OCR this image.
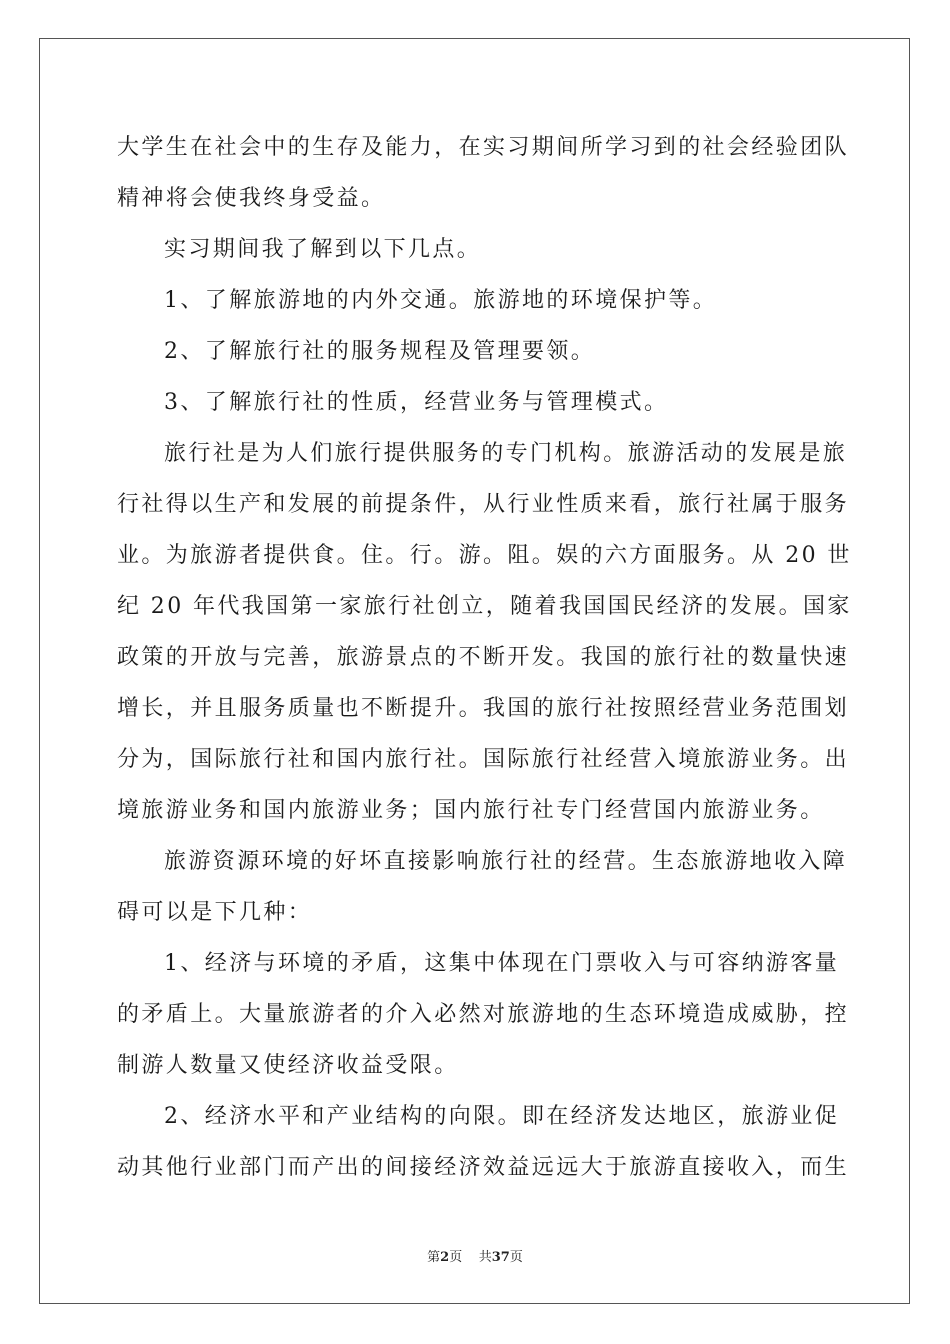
大学生在社会中的生存及能力，在实习期间所学习到的社会经验团队
精神将会使我终身受益。
实习期间我了解到以下几点。
1、了解旅游地的内外交通。旅游地的环境保护等。
2、了解旅行社的服务规程及管理要领。
3、了解旅行社的性质，经营业务与管理模式。
旅行社是为人们旅行提供服务的专门机构。旅游活动的发展是旅
行社得以生产和发展的前提条件，从行业性质来看，旅行社属于服务
业。为旅游者提供食。住。行。游。阻。娱的六方面服务。从 20 世
纪 20 年代我国第一家旅行社创立，随着我国国民经济的发展。国家
政策的开放与完善，旅游景点的不断开发。我国的旅行社的数量快速
增长，并且服务质量也不断提升。我国的旅行社按照经营业务范围划
分为，国际旅行社和国内旅行社。国际旅行社经营入境旅游业务。出
境旅游业务和国内旅游业务；国内旅行社专门经营国内旅游业务。
旅游资源环境的好坏直接影响旅行社的经营。生态旅游地收入障
碍可以是下几种：
1、经济与环境的矛盾，这集中体现在门票收入与可容纳游客量
的矛盾上。大量旅游者的介入必然对旅游地的生态环境造成威胁，控
制游人数量又使经济收益受限。
2、经济水平和产业结构的向限。即在经济发达地区，旅游业促
动其他行业部门而产出的间接经济效益远远大于旅游直接收入，而生
第2页 共37页
